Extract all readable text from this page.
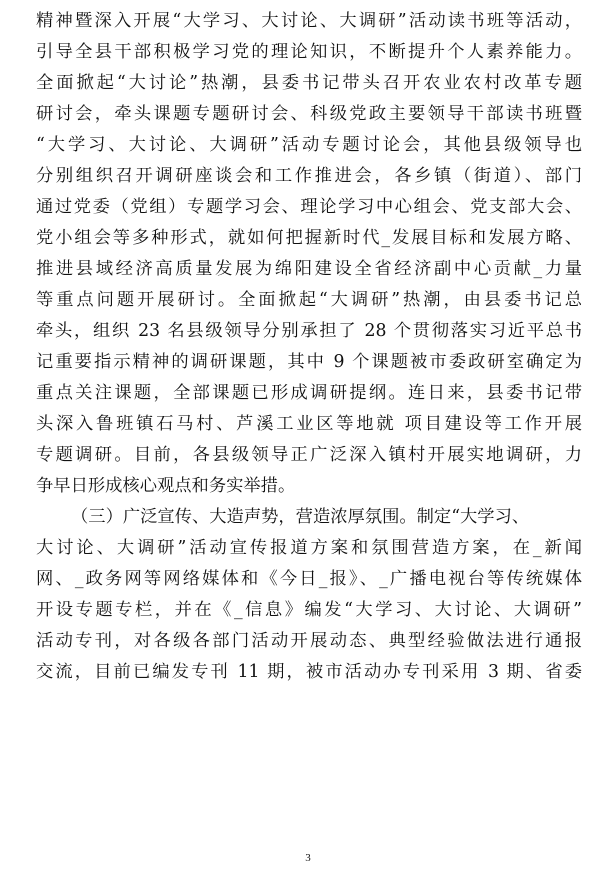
精神暨深入开展“大学习、大讨论、大调研”活动读书班等活动，
引导全县干部积极学习党的理论知识，不断提升个人素养能力。
全面掀起“大讨论”热潮，县委书记带头召开农业农村改革专题
研讨会，牵头课题专题研讨会、科级党政主要领导干部读书班暨
“大学习、大讨论、大调研”活动专题讨论会，其他县级领导也
分别组织召开调研座谈会和工作推进会，各乡镇（街道）、部门
通过党委（党组）专题学习会、理论学习中心组会、党支部大会、
党小组会等多种形式，就如何把握新时代_发展目标和发展方略、
推进县域经济高质量发展为绵阳建设全省经济副中心贡献_力量
等重点问题开展研讨。全面掀起“大调研”热潮，由县委书记总
牵头，组织 23 名县级领导分别承担了 28 个贯彻落实习近平总书
记重要指示精神的调研课题，其中 9 个课题被市委政研室确定为
重点关注课题，全部课题已形成调研提纲。连日来，县委书记带
头深入鲁班镇石马村、芦溪工业区等地就 项目建设等工作开展
专题调研。目前，各县级领导正广泛深入镇村开展实地调研，力
争早日形成核心观点和务实举措。
（三）广泛宣传、大造声势，营造浓厚氛围。制定“大学习、
大讨论、大调研”活动宣传报道方案和氛围营造方案，在_新闻
网、_政务网等网络媒体和《今日_报》、_广播电视台等传统媒体
开设专题专栏，并在《_信息》编发“大学习、大讨论、大调研”
活动专刊，对各级各部门活动开展动态、典型经验做法进行通报
交流，目前已编发专刊 11 期，被市活动办专刊采用 3 期、省委
3
